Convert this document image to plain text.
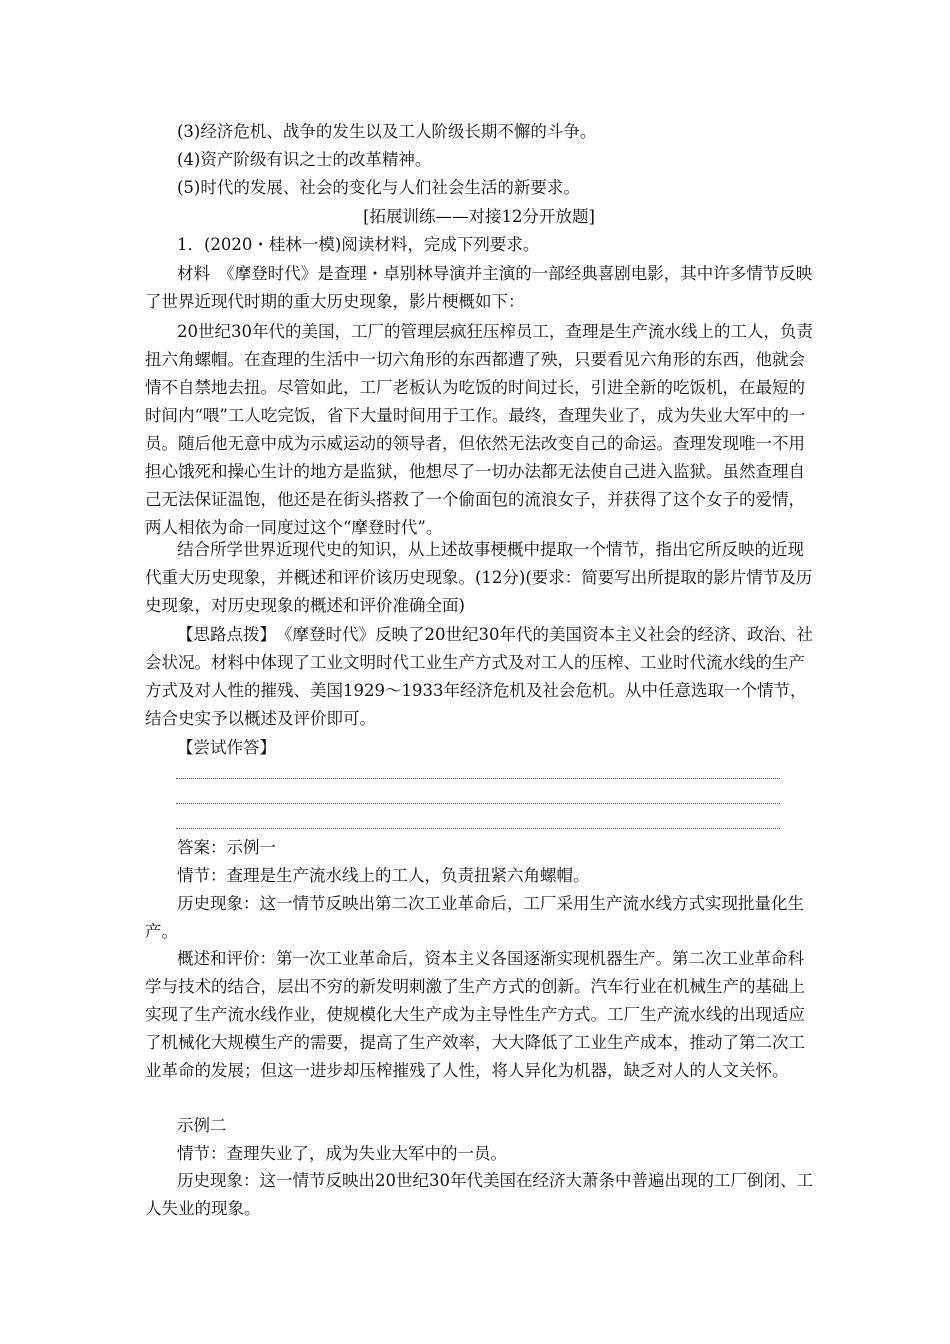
(3)经济危机、战争的发生以及工人阶级长期不懈的斗争。

(4)资产阶级有识之士的改革精神。

(5)时代的发展、社会的变化与人们社会生活的新要求。

[拓展训练——对接12分开放题]

1．(2020・桂林一模)阅读材料，完成下列要求。

材料　《摩登时代》是查理・卓别林导演并主演的一部经典喜剧电影，其中许多情节反映了世界近现代时期的重大历史现象，影片梗概如下：

20世纪30年代的美国，工厂的管理层疯狂压榨员工，查理是生产流水线上的工人，负责扭六角螺帽。在查理的生活中一切六角形的东西都遭了殃，只要看见六角形的东西，他就会情不自禁地去扭。尽管如此，工厂老板认为吃饭的时间过长，引进全新的吃饭机，在最短的时间内“喂”工人吃完饭，省下大量时间用于工作。最终，查理失业了，成为失业大军中的一员。随后他无意中成为示威运动的领导者，但依然无法改变自己的命运。查理发现唯一不用担心饿死和操心生计的地方是监狱，他想尽了一切办法都无法使自己进入监狱。虽然查理自己无法保证温饱，他还是在街头搭救了一个偷面包的流浪女子，并获得了这个女子的爱情，两人相依为命一同度过这个“摩登时代”。

结合所学世界近现代史的知识，从上述故事梗概中提取一个情节，指出它所反映的近现代重大历史现象，并概述和评价该历史现象。(12分)(要求：简要写出所提取的影片情节及历史现象，对历史现象的概述和评价准确全面)

【思路点拨】　《摩登时代》反映了20世纪30年代的美国资本主义社会的经济、政治、社会状况。材料中体现了工业文明时代工业生产方式及对工人的压榨、工业时代流水线的生产方式及对人性的摧残、美国1929～1933年经济危机及社会危机。从中任意选取一个情节，结合史实予以概述及评价即可。

【尝试作答】

答案：示例一

情节：查理是生产流水线上的工人，负责扭紧六角螺帽。

历史现象：这一情节反映出第二次工业革命后，工厂采用生产流水线方式实现批量化生产。

概述和评价：第一次工业革命后，资本主义各国逐渐实现机器生产。第二次工业革命科学与技术的结合，层出不穷的新发明刺激了生产方式的创新。汽车行业在机械生产的基础上实现了生产流水线作业，使规模化大生产成为主导性生产方式。工厂生产流水线的出现适应了机械化大规模生产的需要，提高了生产效率，大大降低了工业生产成本，推动了第二次工业革命的发展；但这一进步却压榨摧残了人性，将人异化为机器，缺乏对人的人文关怀。

示例二

情节：查理失业了，成为失业大军中的一员。

历史现象：这一情节反映出20世纪30年代美国在经济大萧条中普遍出现的工厂倒闭、工人失业的现象。
